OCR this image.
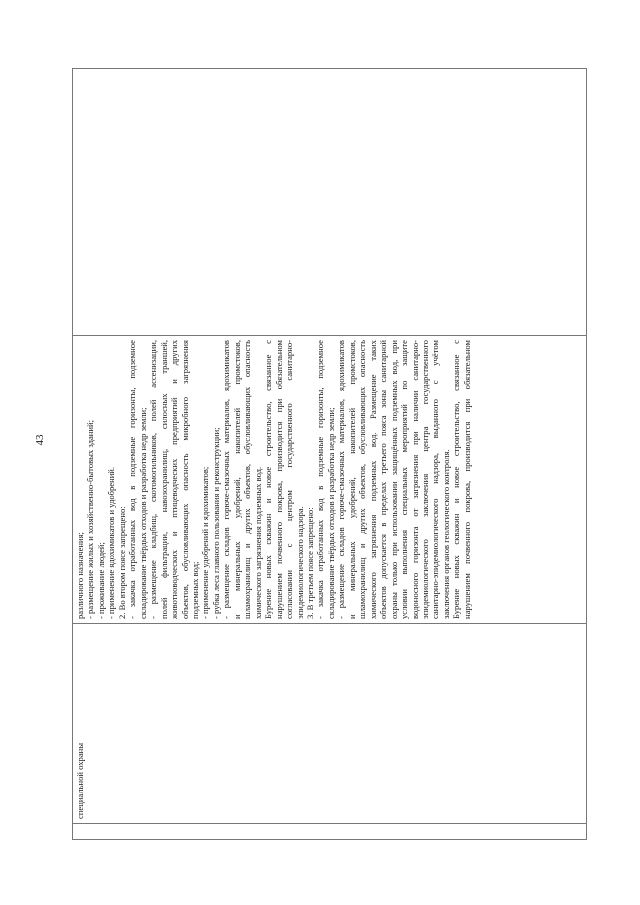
43
специальной охраны
различного назначения; - размещение жилых и хозяйственно-бытовых зданий; - проживание людей; - применение ядохимикатов и удобрений. 2. Во втором поясе запрещено: -
закачка
отработанных
вод
в
подземные
горизонты,
подземное
складирование твёрдых отходов и разработка недр земли; -
размещение
кладбищ,
скотомогильников,
полей
ассенизации,
полей
фильтрации,
навозохранилищ,
силосных
траншей,
животноводческих
и
птицеводческих
предприятий
и
других
объектов,
обусловливающих
опасность
микробного
загрязнения
подземных вод; - применение удобрений и ядохимикатов; - рубка леса главного пользования и реконструкции; -
размещение
складов
горюче-смазочных
материалов,
ядохимикатов
и
минеральных
удобрений,
накопителей
промстоков,
шламохранилищ
и
других
объектов,
обусловливающих
опасность
химического загрязнения подземных вод. Бурение
новых
скважин
и
новое
строительство,
связанное
с
нарушением
почвенного
покрова,
производится
при
обязательном
согласовании
с
центром
государственного
санитарно-
эпидемиологического надзора. 3. В третьем поясе запрещено: -
закачка
отработанных
вод
в
подземные
горизонты,
подземное
складирование твёрдых отходов и разработка недр земли; -
размещение
складов
горюче-смазочных
материалов,
ядохимикатов
и
минеральных
удобрений,
накопителей
промстоков,
шламохранилищ
и
других
объектов,
обусловливающих
опасность
химического
загрязнения
подземных
вод.
Размещение
таких
объектов
допускается
в
пределах
третьего
пояса
зоны
санитарной
охраны
только
при
использовании
защищённых
подземных
вод,
при
условии
выполнения
специальных
мероприятий
по
защите
водоносного
горизонта
от
загрязнения
при
наличии
санитарно-
эпидемиологического
заключения
центра
государственного
санитарно-эпидемиологического
надзора,
выданного
с
учётом
заключения органов геологического контроля. Бурение
новых
скважин
и
новое
строительство,
связанное
с
нарушением
почвенного
покрова,
производится
при
обязательном
